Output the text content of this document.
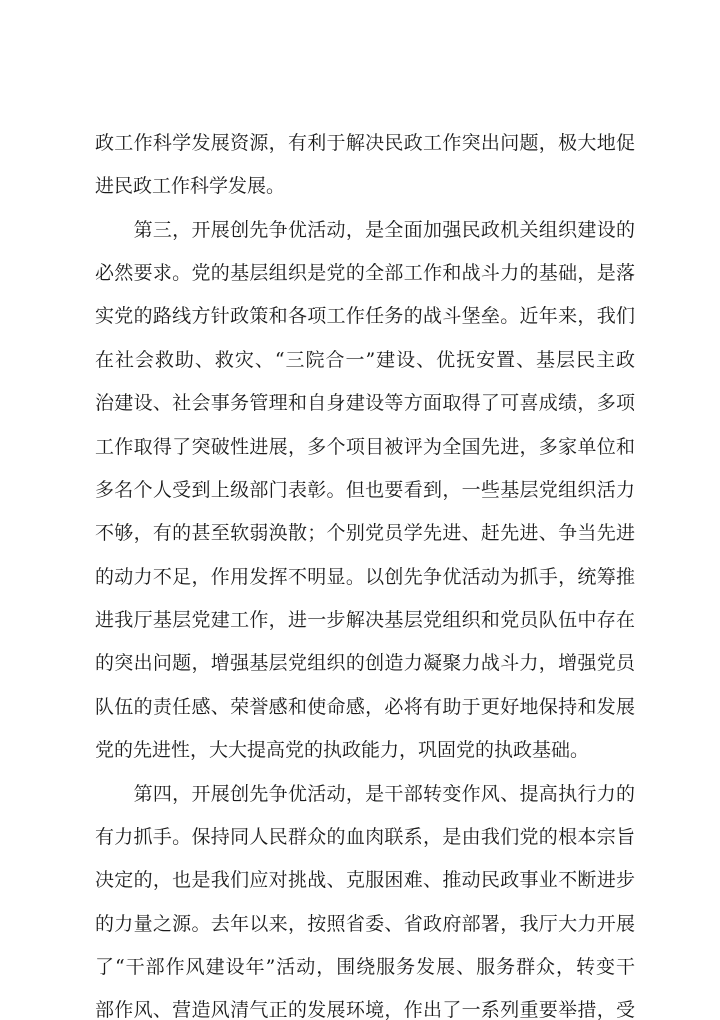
政工作科学发展资源，有利于解决民政工作突出问题，极大地促
进民政工作科学发展。
　　第三，开展创先争优活动，是全面加强民政机关组织建设的
必然要求。党的基层组织是党的全部工作和战斗力的基础，是落
实党的路线方针政策和各项工作任务的战斗堡垒。近年来，我们
在社会救助、救灾、“三院合一”建设、优抚安置、基层民主政
治建设、社会事务管理和自身建设等方面取得了可喜成绩，多项
工作取得了突破性进展，多个项目被评为全国先进，多家单位和
多名个人受到上级部门表彰。但也要看到，一些基层党组织活力
不够，有的甚至软弱涣散；个别党员学先进、赶先进、争当先进
的动力不足，作用发挥不明显。以创先争优活动为抓手，统筹推
进我厅基层党建工作，进一步解决基层党组织和党员队伍中存在
的突出问题，增强基层党组织的创造力凝聚力战斗力，增强党员
队伍的责任感、荣誉感和使命感，必将有助于更好地保持和发展
党的先进性，大大提高党的执政能力，巩固党的执政基础。
　　第四，开展创先争优活动，是干部转变作风、提高执行力的
有力抓手。保持同人民群众的血肉联系，是由我们党的根本宗旨
决定的，也是我们应对挑战、克服困难、推动民政事业不断进步
的力量之源。去年以来，按照省委、省政府部署，我厅大力开展
了“干部作风建设年”活动，围绕服务发展、服务群众，转变干
部作风、营造风清气正的发展环境，作出了一系列重要举措，受
